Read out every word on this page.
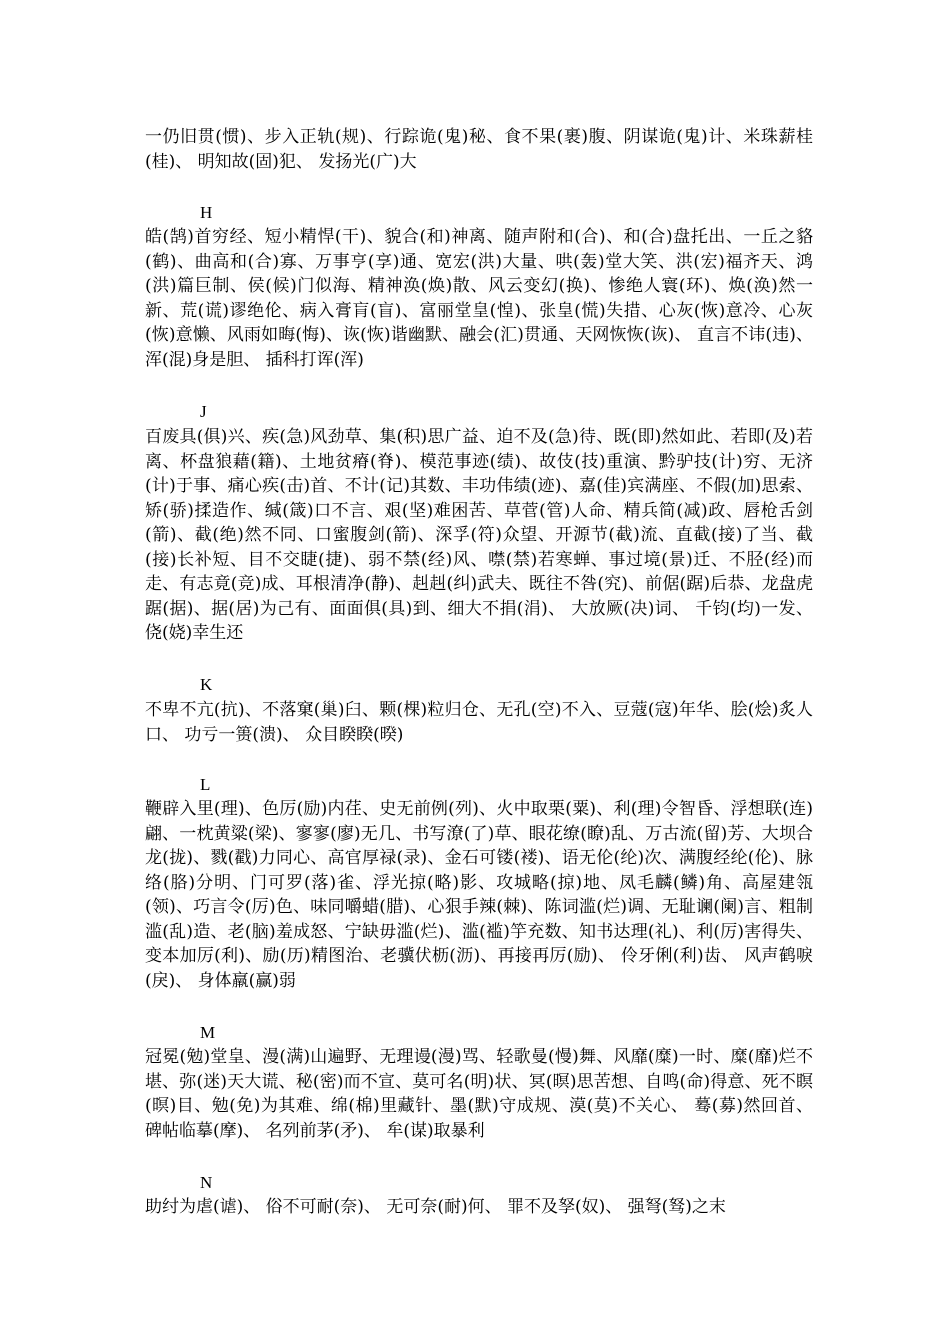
一仍旧贯(惯)、步入正轨(规)、行踪诡(鬼)秘、食不果(裹)腹、阴谋诡(鬼)计、米珠薪桂(桂)、 明知故(固)犯、 发扬光(广)大

H

皓(鹄)首穷经、短小精悍(干)、貌合(和)神离、随声附和(合)、和(合)盘托出、一丘之貉(鹤)、曲高和(合)寡、万事亨(享)通、宽宏(洪)大量、哄(轰)堂大笑、洪(宏)福齐天、鸿(洪)篇巨制、侯(候)门似海、精神涣(焕)散、风云变幻(换)、惨绝人寰(环)、焕(涣)然一新、荒(谎)谬绝伦、病入膏肓(盲)、富丽堂皇(惶)、张皇(慌)失措、心灰(恢)意冷、心灰(恢)意懒、风雨如晦(悔)、诙(恢)谐幽默、融会(汇)贯通、天网恢恢(诙)、 直言不讳(违)、 浑(混)身是胆、 插科打诨(浑)

J

百废具(俱)兴、疾(急)风劲草、集(积)思广益、迫不及(急)待、既(即)然如此、若即(及)若离、杯盘狼藉(籍)、土地贫瘠(脊)、模范事迹(绩)、故伎(技)重演、黔驴技(计)穷、无济(计)于事、痛心疾(击)首、不计(记)其数、丰功伟绩(迹)、嘉(佳)宾满座、不假(加)思索、矫(骄)揉造作、缄(箴)口不言、艰(坚)难困苦、草菅(管)人命、精兵简(减)政、唇枪舌剑(箭)、截(绝)然不同、口蜜腹剑(箭)、深孚(符)众望、开源节(截)流、直截(接)了当、截(接)长补短、目不交睫(捷)、弱不禁(经)风、噤(禁)若寒蝉、事过境(景)迁、不胫(经)而走、有志竟(竞)成、耳根清净(静)、赳赳(纠)武夫、既往不咎(究)、前倨(踞)后恭、龙盘虎踞(据)、据(居)为己有、面面俱(具)到、细大不捐(涓)、 大放厥(决)词、 千钧(均)一发、 侥(娆)幸生还

K

不卑不亢(抗)、不落窠(巢)臼、颗(棵)粒归仓、无孔(空)不入、豆蔻(寇)年华、脍(烩)炙人口、 功亏一篑(溃)、 众目睽睽(暌)

L

鞭辟入里(理)、色厉(励)内荏、史无前例(列)、火中取栗(粟)、利(理)令智昏、浮想联(连)翩、一枕黄粱(梁)、寥寥(廖)无几、书写潦(了)草、眼花缭(瞭)乱、万古流(留)芳、大坝合龙(拢)、戮(戳)力同心、高官厚禄(录)、金石可镂(褛)、语无伦(纶)次、满腹经纶(伦)、脉络(胳)分明、门可罗(落)雀、浮光掠(略)影、攻城略(掠)地、凤毛麟(鳞)角、高屋建瓴(领)、巧言令(厉)色、味同嚼蜡(腊)、心狠手辣(棘)、陈词滥(烂)调、无耻谰(阑)言、粗制滥(乱)造、老(脑)羞成怒、宁缺毋滥(烂)、滥(褴)竽充数、知书达理(礼)、利(厉)害得失、变本加厉(利)、励(历)精图治、老骥伏枥(沥)、再接再厉(励)、 伶牙俐(利)齿、 风声鹤唳(戾)、 身体羸(赢)弱

M

冠冕(勉)堂皇、漫(满)山遍野、无理谩(漫)骂、轻歌曼(慢)舞、风靡(糜)一时、糜(靡)烂不堪、弥(迷)天大谎、秘(密)而不宣、莫可名(明)状、冥(暝)思苦想、自鸣(命)得意、死不瞑(暝)目、勉(免)为其难、绵(棉)里藏针、墨(默)守成规、漠(莫)不关心、 蓦(募)然回首、 碑帖临摹(摩)、 名列前茅(矛)、 牟(谋)取暴利

N

助纣为虐(谑)、 俗不可耐(奈)、 无可奈(耐)何、 罪不及孥(奴)、 强弩(驽)之末
